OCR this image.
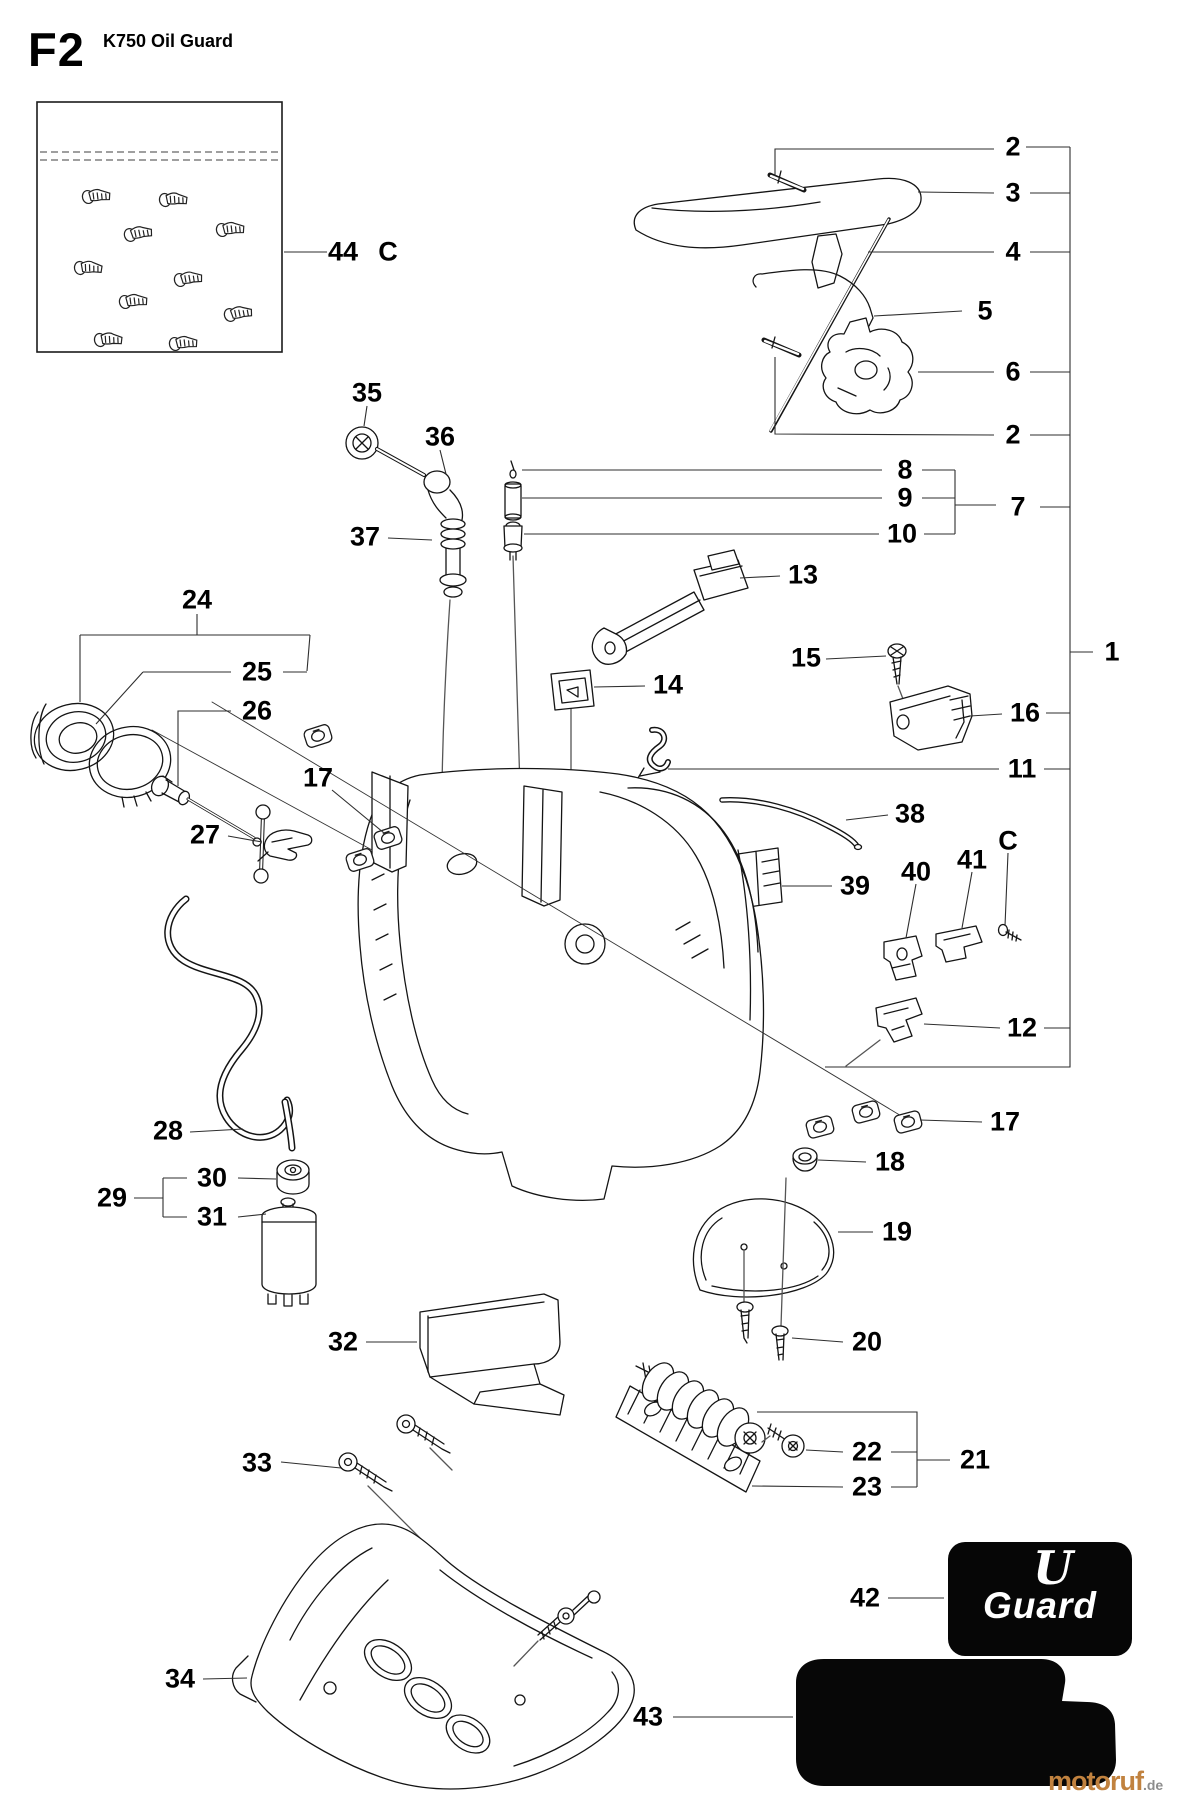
F2 K750 Oil Guard
2
3
4
5
6
2
8
9
10
7
1
13
14
15
16
11
38
39 40 41
C
12
17
18
19
20
22
23
21
24
25
26
17
27
35
36
37
28
29
30
31
32
33
34
42
43
44 C
U
Guard
motoruf.de
